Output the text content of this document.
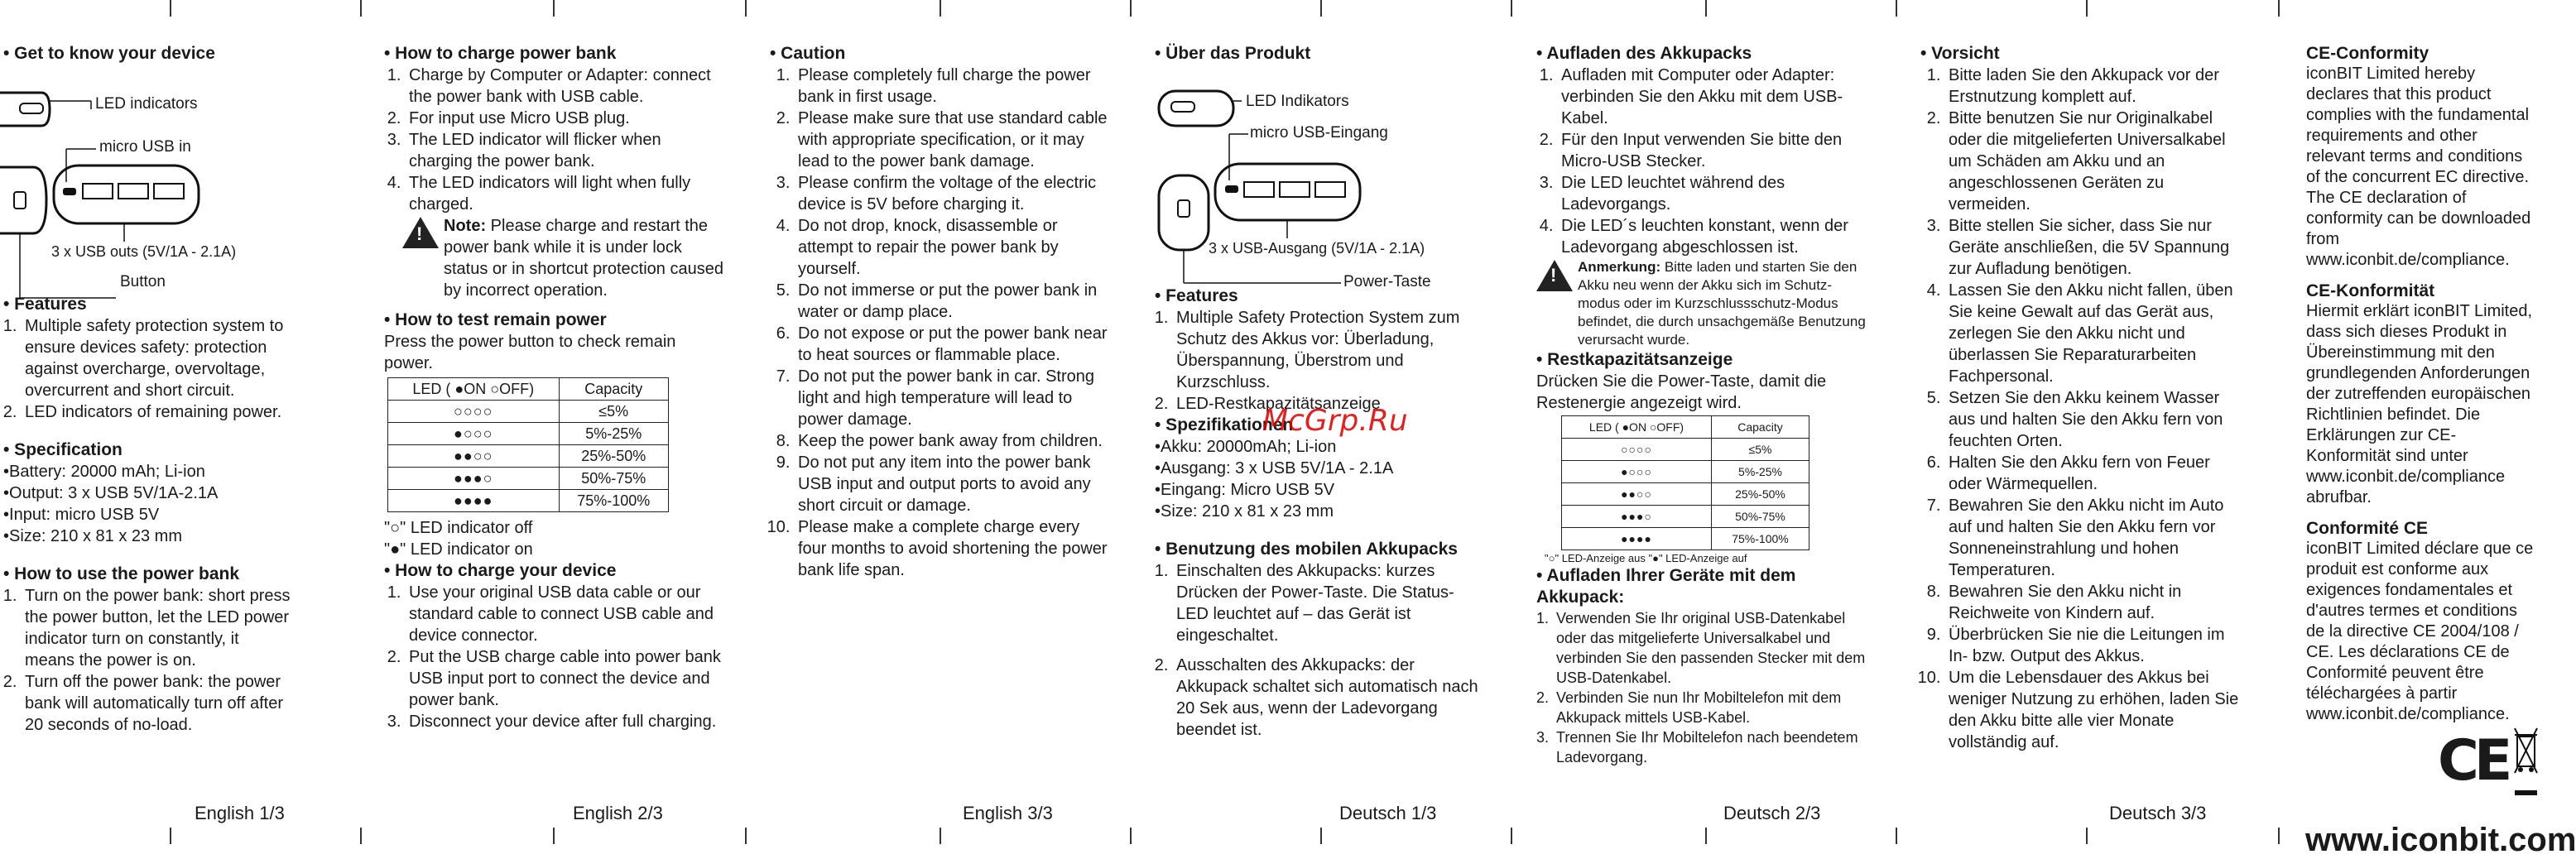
• Get to know your device

LED indicators
micro USB in
3 x USB outs (5V/1A - 2.1A)
Button

• Features

1. Multiple safety protection system to ensure devices safety: protection against overcharge, overvoltage, overcurrent and short circuit.
2. LED indicators of remaining power.

• Specification

• Battery: 20000 mAh; Li-ion
• Output: 3 x USB 5V/1A-2.1A
• Input: micro USB 5V
• Size: 210 x 81 x 23 mm

• How to use the power bank

1. Turn on the power bank: short press the power button, let the LED power indicator turn on constantly, it means the power is on.
2. Turn off the power bank: the power bank will automatically turn off after 20 seconds of no-load.
English 1/3

• How to charge power bank

1. Charge by Computer or Adapter: connect the power bank with USB cable.
2. For input use Micro USB plug.
3. The LED indicator will flicker when charging the power bank.
4. The LED indicators will light when fully charged.
!
Note: Please charge and restart the power bank while it is under lock status or in shortcut protection caused by incorrect operation.

• How to test remain power

Press the power button to check remain power.
LED ( ●ON ○OFF)	Capacity
○○○○	≤5%
●○○○	5%-25%
●●○○	25%-50%
●●●○	50%-75%
●●●●	75%-100%
"○" LED indicator off
"●" LED indicator on

• How to charge your device

1. Use your original USB data cable or our standard cable to connect USB cable and device connector.
2. Put the USB charge cable into power bank USB input port to connect the device and power bank.
3. Disconnect your device after full charging.
English 2/3

• Caution

1. Please completely full charge the power bank in first usage.
2. Please make sure that use standard cable with appropriate specification, or it may lead to the power bank damage.
3. Please confirm the voltage of the electric device is 5V before charging it.
4. Do not drop, knock, disassemble or attempt to repair the power bank by yourself.
5. Do not immerse or put the power bank in water or damp place.
6. Do not expose or put the power bank near to heat sources or flammable place.
7. Do not put the power bank in car. Strong light and high temperature will lead to power damage.
8. Keep the power bank away from children.
9. Do not put any item into the power bank USB input and output ports to avoid any short circuit or damage.
10. Please make a complete charge every four months to avoid shortening the power bank life span.
English 3/3

• Über das Produkt

LED Indikators
micro USB-Eingang
3 x USB-Ausgang (5V/1A - 2.1A)
Power-Taste

• Features

1. Multiple Safety Protection System zum Schutz des Akkus vor: Überladung, Überspannung, Überstrom und Kurzschluss.
2. LED-Restkapazitätsanzeige

• Spezifikationen

• Akku: 20000mAh; Li-ion
• Ausgang: 3 x USB 5V/1A - 2.1A
• Eingang: Micro USB 5V
• Size: 210 x 81 x 23 mm

• Benutzung des mobilen Akkupacks

1. Einschalten des Akkupacks: kurzes Drücken der Power-Taste. Die Status-LED leuchtet auf – das Gerät ist eingeschaltet.
2. Ausschalten des Akkupacks: der Akkupack schaltet sich automatisch nach 20 Sek aus, wenn der Ladevorgang beendet ist.
Deutsch 1/3
McGrp.Ru

• Aufladen des Akkupacks

1. Aufladen mit Computer oder Adapter: verbinden Sie den Akku mit dem USB-Kabel.
2. Für den Input verwenden Sie bitte den Micro-USB Stecker.
3. Die LED leuchtet während des Ladevorgangs.
4. Die LED´s leuchten konstant, wenn der Ladevorgang abgeschlossen ist.
!
Anmerkung: Bitte laden und starten Sie den Akku neu wenn der Akku sich im Schutz-modus oder im Kurzschlussschutz-Modus befindet, die durch unsachgemäße Benutzung verursacht wurde.

• Restkapazitätsanzeige

Drücken Sie die Power-Taste, damit die Restenergie angezeigt wird.
LED ( ●ON ○OFF)	Capacity
○○○○	≤5%
●○○○	5%-25%
●●○○	25%-50%
●●●○	50%-75%
●●●●	75%-100%
"○" LED-Anzeige aus "●" LED-Anzeige auf

• Aufladen Ihrer Geräte mit dem Akkupack:

1. Verwenden Sie Ihr original USB-Datenkabel oder das mitgelieferte Universalkabel und verbinden Sie den passenden Stecker mit dem USB-Datenkabel.
2. Verbinden Sie nun Ihr Mobiltelefon mit dem Akkupack mittels USB-Kabel.
3. Trennen Sie Ihr Mobiltelefon nach beendetem Ladevorgang.
Deutsch 2/3

• Vorsicht

1. Bitte laden Sie den Akkupack vor der Erstnutzung komplett auf.
2. Bitte benutzen Sie nur Originalkabel oder die mitgelieferten Universalkabel um Schäden am Akku und an angeschlossenen Geräten zu vermeiden.
3. Bitte stellen Sie sicher, dass Sie nur Geräte anschließen, die 5V Spannung zur Aufladung benötigen.
4. Lassen Sie den Akku nicht fallen, üben Sie keine Gewalt auf das Gerät aus, zerlegen Sie den Akku nicht und überlassen Sie Reparaturarbeiten Fachpersonal.
5. Setzen Sie den Akku keinem Wasser aus und halten Sie den Akku fern von feuchten Orten.
6. Halten Sie den Akku fern von Feuer oder Wärmequellen.
7. Bewahren Sie den Akku nicht im Auto auf und halten Sie den Akku fern vor Sonneneinstrahlung und hohen Temperaturen.
8. Bewahren Sie den Akku nicht in Reichweite von Kindern auf.
9. Überbrücken Sie nie die Leitungen im In- bzw. Output des Akkus.
10. Um die Lebensdauer des Akkus bei weniger Nutzung zu erhöhen, laden Sie den Akku bitte alle vier Monate vollständig auf.
Deutsch 3/3

CE-Conformity

iconBIT Limited hereby declares that this product complies with the fundamental requirements and other relevant terms and conditions of the concurrent EC directive. The CE declaration of conformity can be downloaded from www.iconbit.de/compliance.

CE-Konformität

Hiermit erklärt iconBIT Limited, dass sich dieses Produkt in Übereinstimmung mit den grundlegenden Anforderungen der zutreffenden europäischen Richtlinien befindet. Die Erklärungen zur CE-Konformität sind unter www.iconbit.de/compliance abrufbar.

Conformité CE

iconBIT Limited déclare que ce produit est conforme aux exigences fondamentales et d'autres termes et conditions de la directive CE 2004/108 / CE. Les déclarations CE de Conformité peuvent être téléchargées à partir www.iconbit.de/compliance.
CE
www.iconbit.com
